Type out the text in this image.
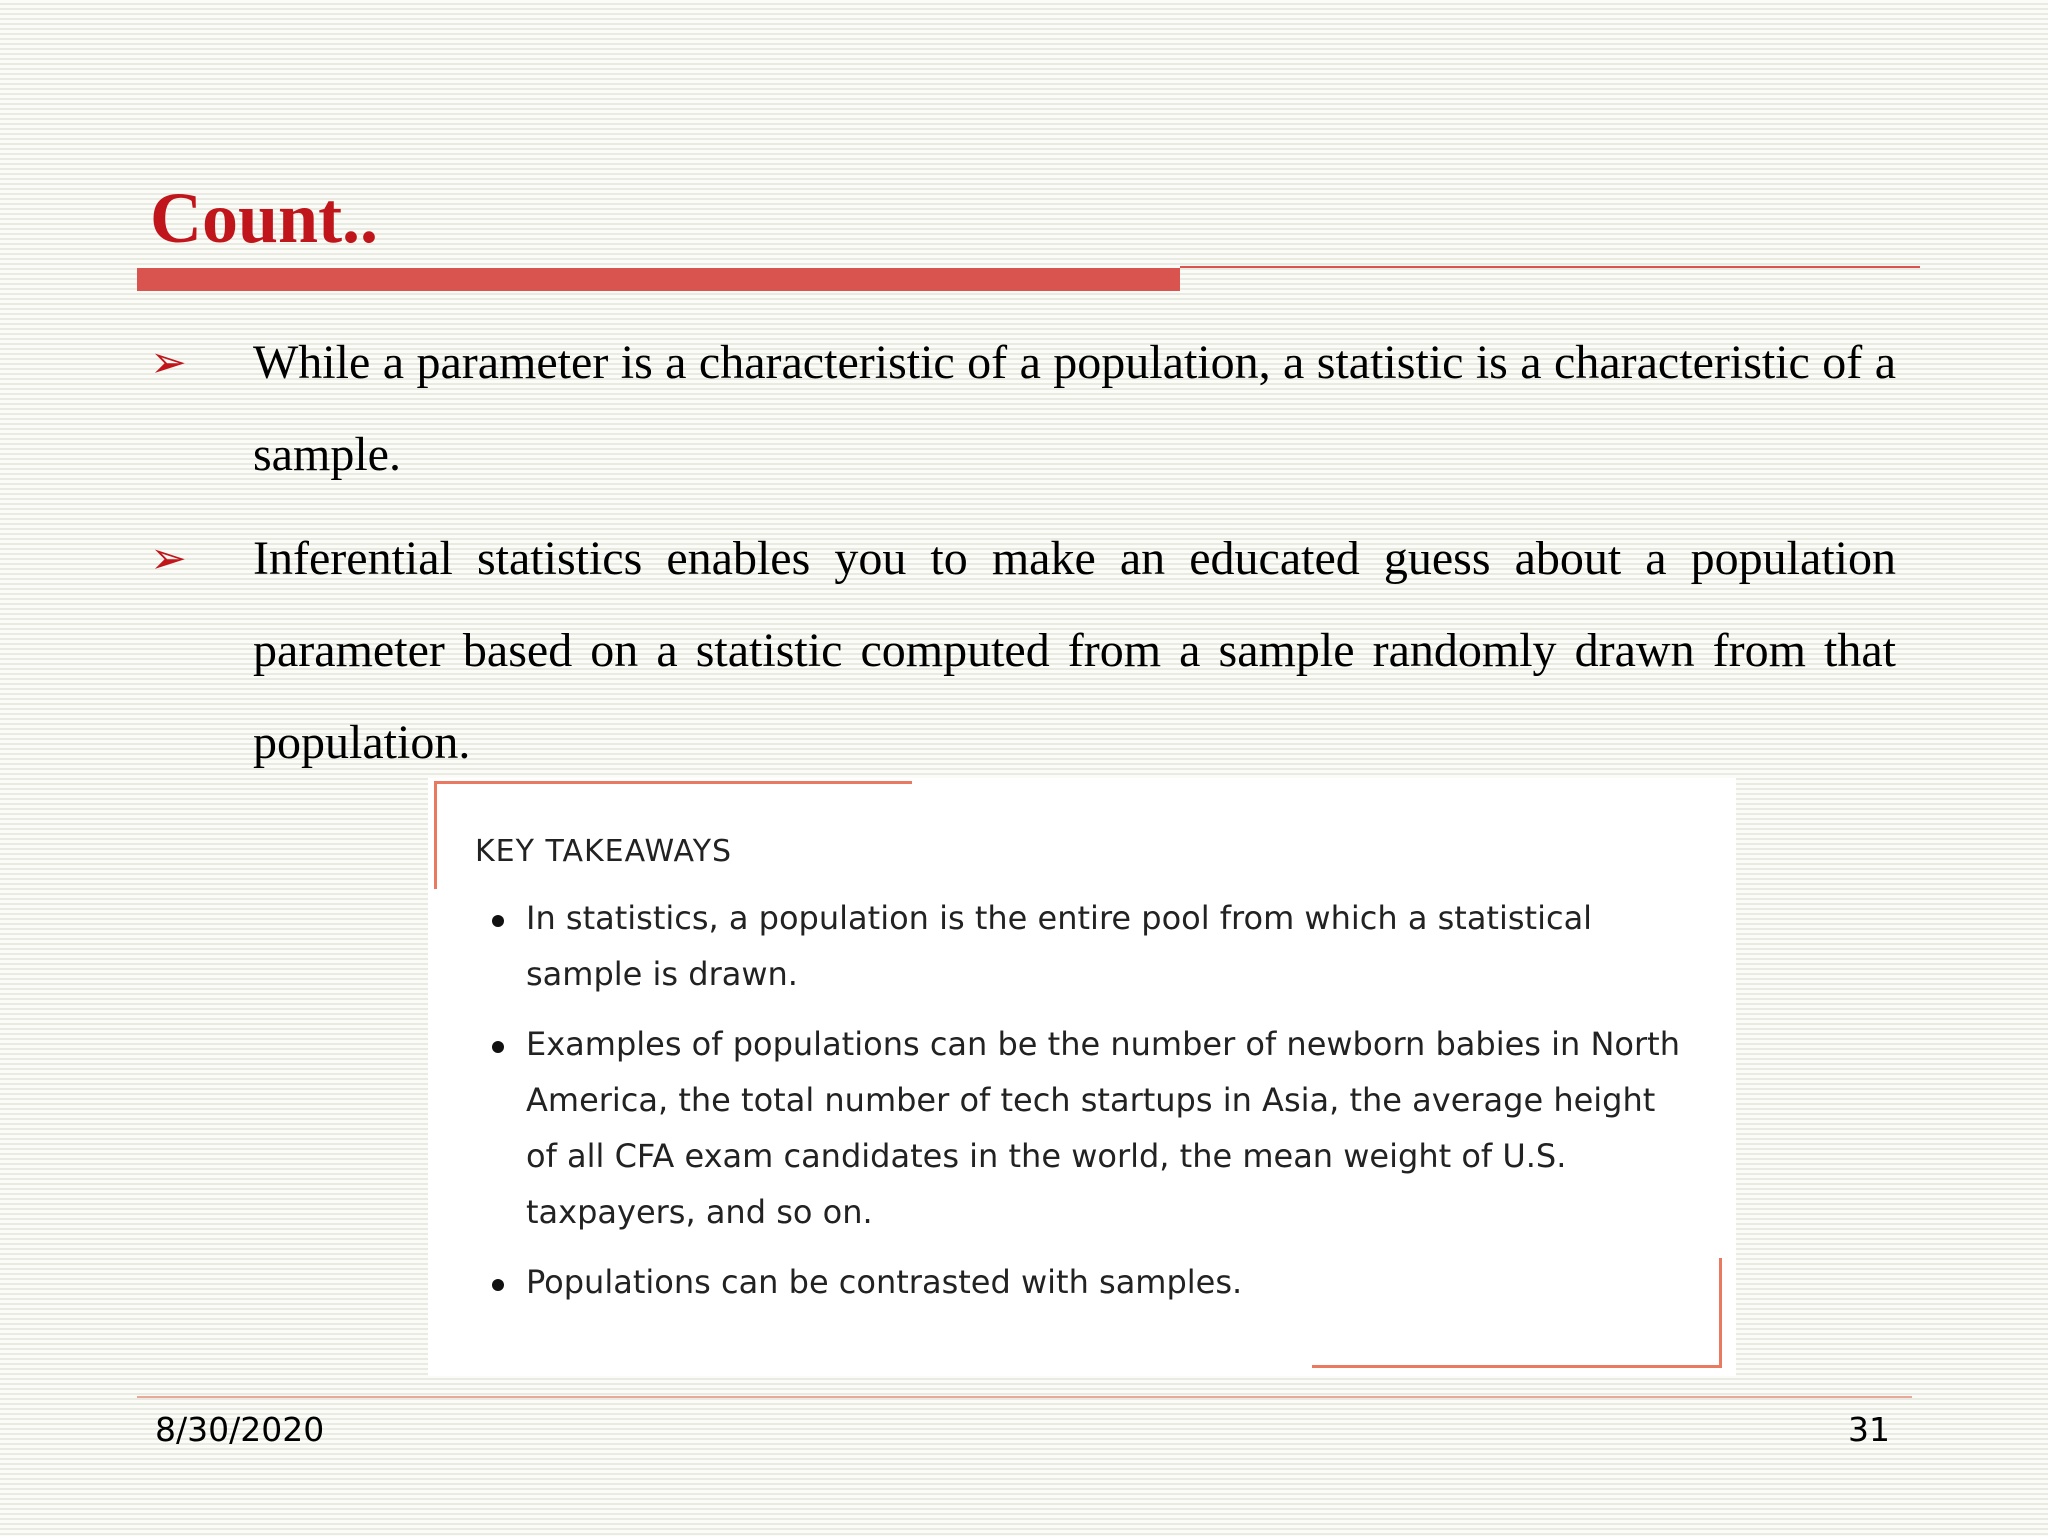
Count..
➢ While a parameter is a characteristic of a population, a statistic is a characteristic of a sample.

➢ Inferential statistics enables you to make an educated guess about a population parameter based on a statistic computed from a sample randomly drawn from that population.

KEY TAKEAWAYS
In statistics, a population is the entire pool from which a statistical sample is drawn.
Examples of populations can be the number of newborn babies in North America, the total number of tech startups in Asia, the average height of all CFA exam candidates in the world, the mean weight of U.S. taxpayers, and so on.
Populations can be contrasted with samples.
8/30/2020	31
